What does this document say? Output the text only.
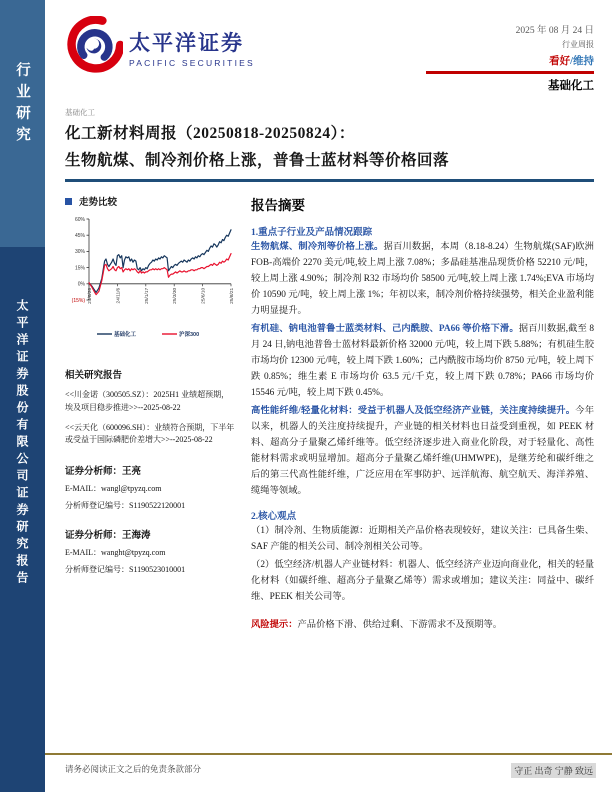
行业研究
太平洋证券股份有限公司证券研究报告
太平洋证券
PACIFIC SECURITIES
2025 年 08 月 24 日
行业周报
看好/维持
基础化工
基础化工
化工新材料周报（20250818-20250824）：
生物航煤、制冷剂价格上涨，普鲁士蓝材料等价格回落
走势比较
60%
45%
30%
15%
0%
(15%) 24/8/26	24/11/6	25/1/17	25/3/30	25/6/10	25/8/21
基础化工	沪深300
相关研究报告

<<川金诺（300505.SZ）：2025H1 业绩超预期，埃及项目稳步推进>>--2025-08-22

<<云天化（600096.SH）：业绩符合预期，下半年或受益于国际磷肥价差增大>>--2025-08-22

证券分析师：王亮
E-MAIL：wangl@tpyzq.com
分析师登记编号：S1190522120001
证券分析师：王海涛
E-MAIL：wanght@tpyzq.com
分析师登记编号：S1190523010001
报告摘要
1.重点子行业及产品情况跟踪

生物航煤、制冷剂等价格上涨。据百川数据，本周（8.18-8.24）生物航煤(SAF)欧洲 FOB-高端价 2270 美元/吨,较上周上涨 7.08%；多晶硅基准品现货价格 52210 元/吨，较上周上涨 4.90%；制冷剂 R32 市场均价 58500 元/吨,较上周上涨 1.74%;EVA 市场均价 10590 元/吨，较上周上涨 1%；年初以来，制冷剂价格持续强势，相关企业盈利能力明显提升。

有机硅、钠电池普鲁士蓝类材料、己内酰胺、PA66 等价格下滑。据百川数据,截至 8 月 24 日,钠电池普鲁士蓝材料最新价格 32000 元/吨，较上周下跌 5.88%；有机硅生胶市场均价 12300 元/吨，较上周下跌 1.60%；己内酰胺市场均价 8750 元/吨，较上周下跌 0.85%；维生素 E 市场均价 63.5 元/千克，较上周下跌 0.78%；PA66 市场均价 15546 元/吨，较上周下跌 0.45%。

高性能纤维/轻量化材料：受益于机器人及低空经济产业链，关注度持续提升。今年以来，机器人的关注度持续提升，产业链的相关材料也日益受到重视，如 PEEK 材料、超高分子量聚乙烯纤维等。低空经济逐步进入商业化阶段，对于轻量化、高性能材料需求或明显增加。超高分子量聚乙烯纤维(UHMWPE)，是继芳纶和碳纤维之后的第三代高性能纤维，广泛应用在军事防护、远洋航海、航空航天、海洋养殖、缆绳等领域。

2.核心观点

（1）制冷剂、生物质能源：近期相关产品价格表现较好，建议关注：已具备生柴、SAF 产能的相关公司、制冷剂相关公司等。

（2）低空经济/机器人产业链材料：机器人、低空经济产业迈向商业化，相关的轻量化材料（如碳纤维、超高分子量聚乙烯等）需求或增加；建议关注：同益中、碳纤维、PEEK 相关公司等。

风险提示：产品价格下滑、供给过剩、下游需求不及预期等。

请务必阅读正文之后的免责条款部分	守正 出奇 宁静 致远
